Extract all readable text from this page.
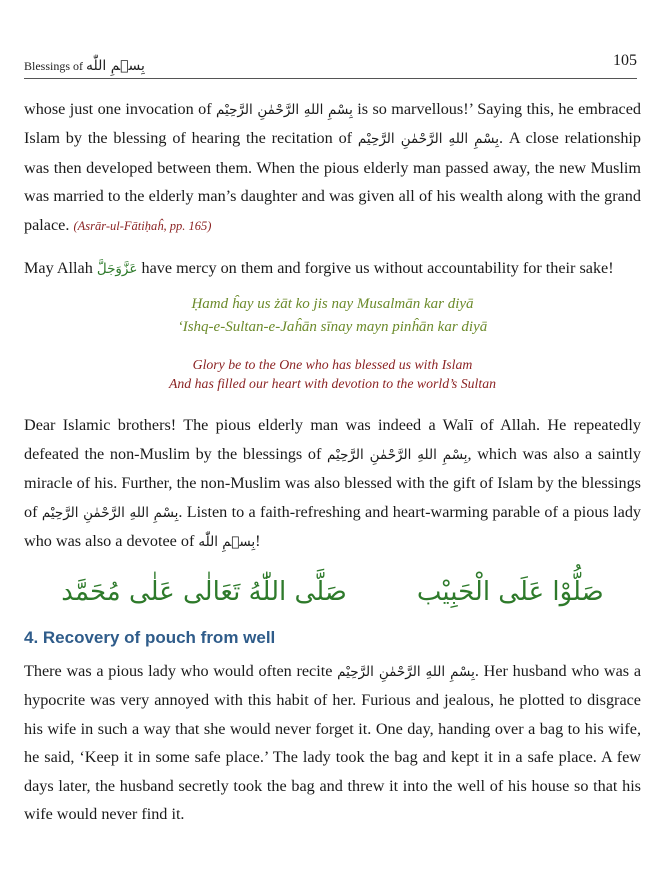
Blessings of بِسۡمِ اللّٰه	105

whose just one invocation of بِسْمِ اللهِ الرَّحْمٰنِ الرَّحِيْم is so marvellous!’ Saying this, he embraced Islam by the blessing of hearing the recitation of بِسْمِ اللهِ الرَّحْمٰنِ الرَّحِيْم. A close relationship was then developed between them. When the pious elderly man passed away, the new Muslim was married to the elderly man’s daughter and was given all of his wealth along with the grand palace. (Asrār-ul-Fātiḥaĥ, pp. 165)

May Allah عَزَّوَجَلَّ have mercy on them and forgive us without accountability for their sake!

Ḥamd ĥay us żāt ko jis nay Musalmān kar diyā
‘Ishq-e-Sultan-e-Jaĥān sīnay mayn pinĥān kar diyā
Glory be to the One who has blessed us with Islam
And has filled our heart with devotion to the world’s Sultan

Dear Islamic brothers! The pious elderly man was indeed a Walī of Allah. He repeatedly defeated the non-Muslim by the blessings of بِسْمِ اللهِ الرَّحْمٰنِ الرَّحِيْم, which was also a saintly miracle of his. Further, the non-Muslim was also blessed with the gift of Islam by the blessings of بِسْمِ اللهِ الرَّحْمٰنِ الرَّحِيْم. Listen to a faith-refreshing and heart-warming parable of a pious lady who was also a devotee of بِسۡمِ اللّٰه!

صَلُّوْا عَلَى الْحَبِيْب
صَلَّى اللّٰهُ تَعَالٰى عَلٰى مُحَمَّد
4. Recovery of pouch from well

There was a pious lady who would often recite بِسْمِ اللهِ الرَّحْمٰنِ الرَّحِيْم. Her husband who was a hypocrite was very annoyed with this habit of her. Furious and jealous, he plotted to disgrace his wife in such a way that she would never forget it. One day, handing over a bag to his wife, he said, ‘Keep it in some safe place.’ The lady took the bag and kept it in a safe place. A few days later, the husband secretly took the bag and threw it into the well of his house so that his wife would never find it.
